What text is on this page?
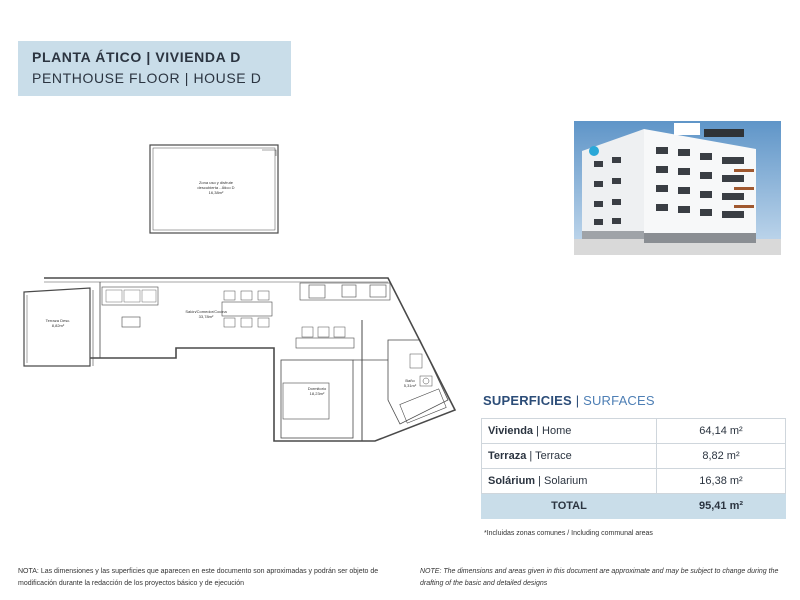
PLANTA ÁTICO | VIVIENDA D
PENTHOUSE FLOOR | HOUSE D
Zona uso y disfrute
descubierta - Ático D
16,38m²
Terraza Desc.
8,82m²
Salón/Comedor/Cocina
33,78m²
Dormitorio
18,23m²
Baño
5,31m²
SUPERFICIES | SURFACES
Vivienda | Home	64,14 m²
Terraza | Terrace	8,82 m²
Solárium | Solarium	16,38 m²
TOTAL	95,41 m²
*Incluidas zonas comunes / Including communal areas
NOTA: Las dimensiones y las superficies que aparecen en este documento son aproximadas y podrán ser objeto de modificación durante la redacción de los proyectos básico y de ejecución
NOTE: The dimensions and areas given in this document are approximate and may be subject to change during the drafting of the basic and detailed designs
